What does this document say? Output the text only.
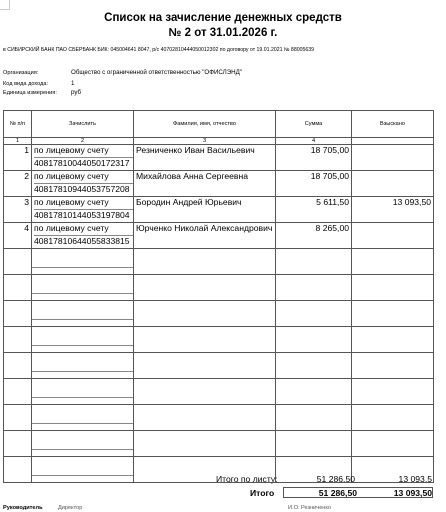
Список на зачисление денежных средств
№ 2 от 31.01.2026 г.
в СИБИРСКИЙ БАНК ПАО СБЕРБАНК БИК: 045004641 8047, р/с 40702810444050012302 по договору от 19.01.2021 № 88005639
Организация:	Общество с ограниченной ответственностью "ОФИСЛЭНД"
Код вида дохода:	1
Единица измерения: руб
№ п/п	Зачислить	Фамилия, имя, отчество	Сумма	Взыскано
1	2	3	4	
1	по лицевому счету
40817810044050172317	Резниченко Иван Васильевич	18 705,00	
2	по лицевому счету
40817810944053757208	Михайлова Анна Сергеевна	18 705,00	
3	по лицевому счету
40817810144053197804	Бородин Андрей Юрьевич	5 611,50	13 093,50
4	по лицевому счету
40817810644055833815	Юрченко Николай Александрович	8 265,00	

Итого по листу:	51 286,50	13 093,5
Итого	51 286,50	13 093,50
Руководитель	Директор	И.О. Резниченко
